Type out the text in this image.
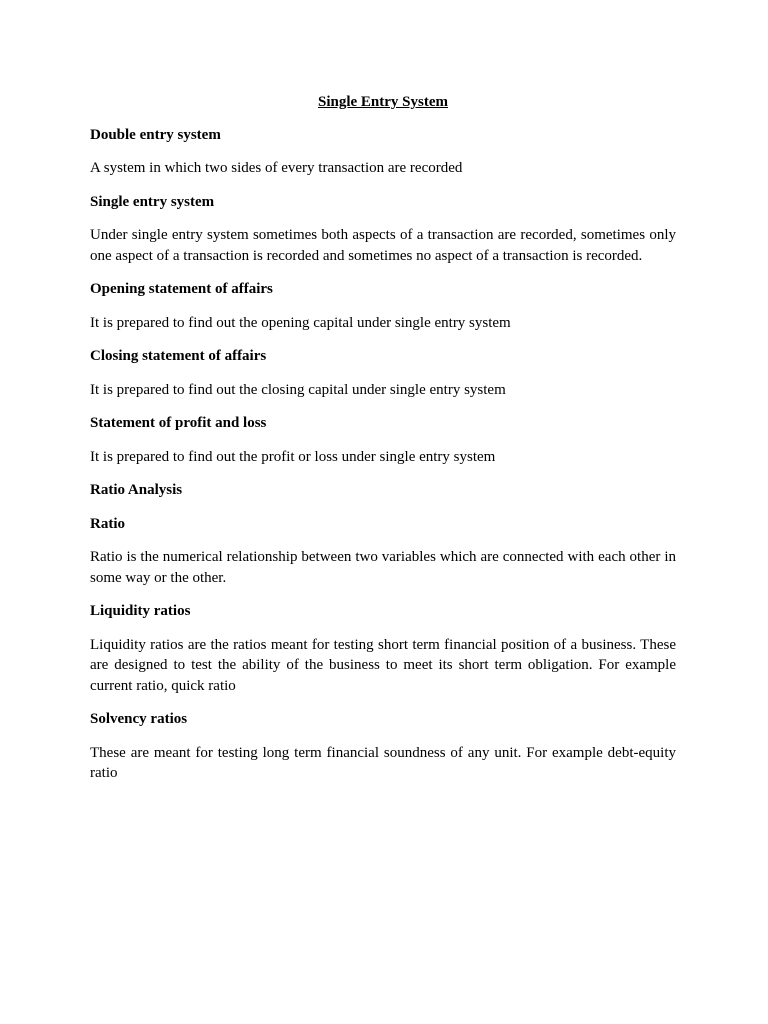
Single Entry System
Double entry system
A system in which two sides of every transaction are recorded
Single entry system
Under single entry system sometimes both aspects of a transaction are recorded, sometimes only one aspect of a transaction is recorded and sometimes no aspect of a transaction is recorded.
Opening statement of affairs
It is prepared to find out the opening capital under single entry system
Closing statement of affairs
It is prepared to find out the closing capital under single entry system
Statement of profit and loss
It is prepared to find out the profit or loss under single entry system
Ratio Analysis
Ratio
Ratio is the numerical relationship between two variables which are connected with each other in some way or the other.
Liquidity ratios
Liquidity ratios are the ratios meant for testing short term financial position of a business. These are designed to test the ability of the business to meet its short term obligation. For example current ratio, quick ratio
Solvency ratios
These are meant for testing long term financial soundness of any unit. For example debt-equity ratio
